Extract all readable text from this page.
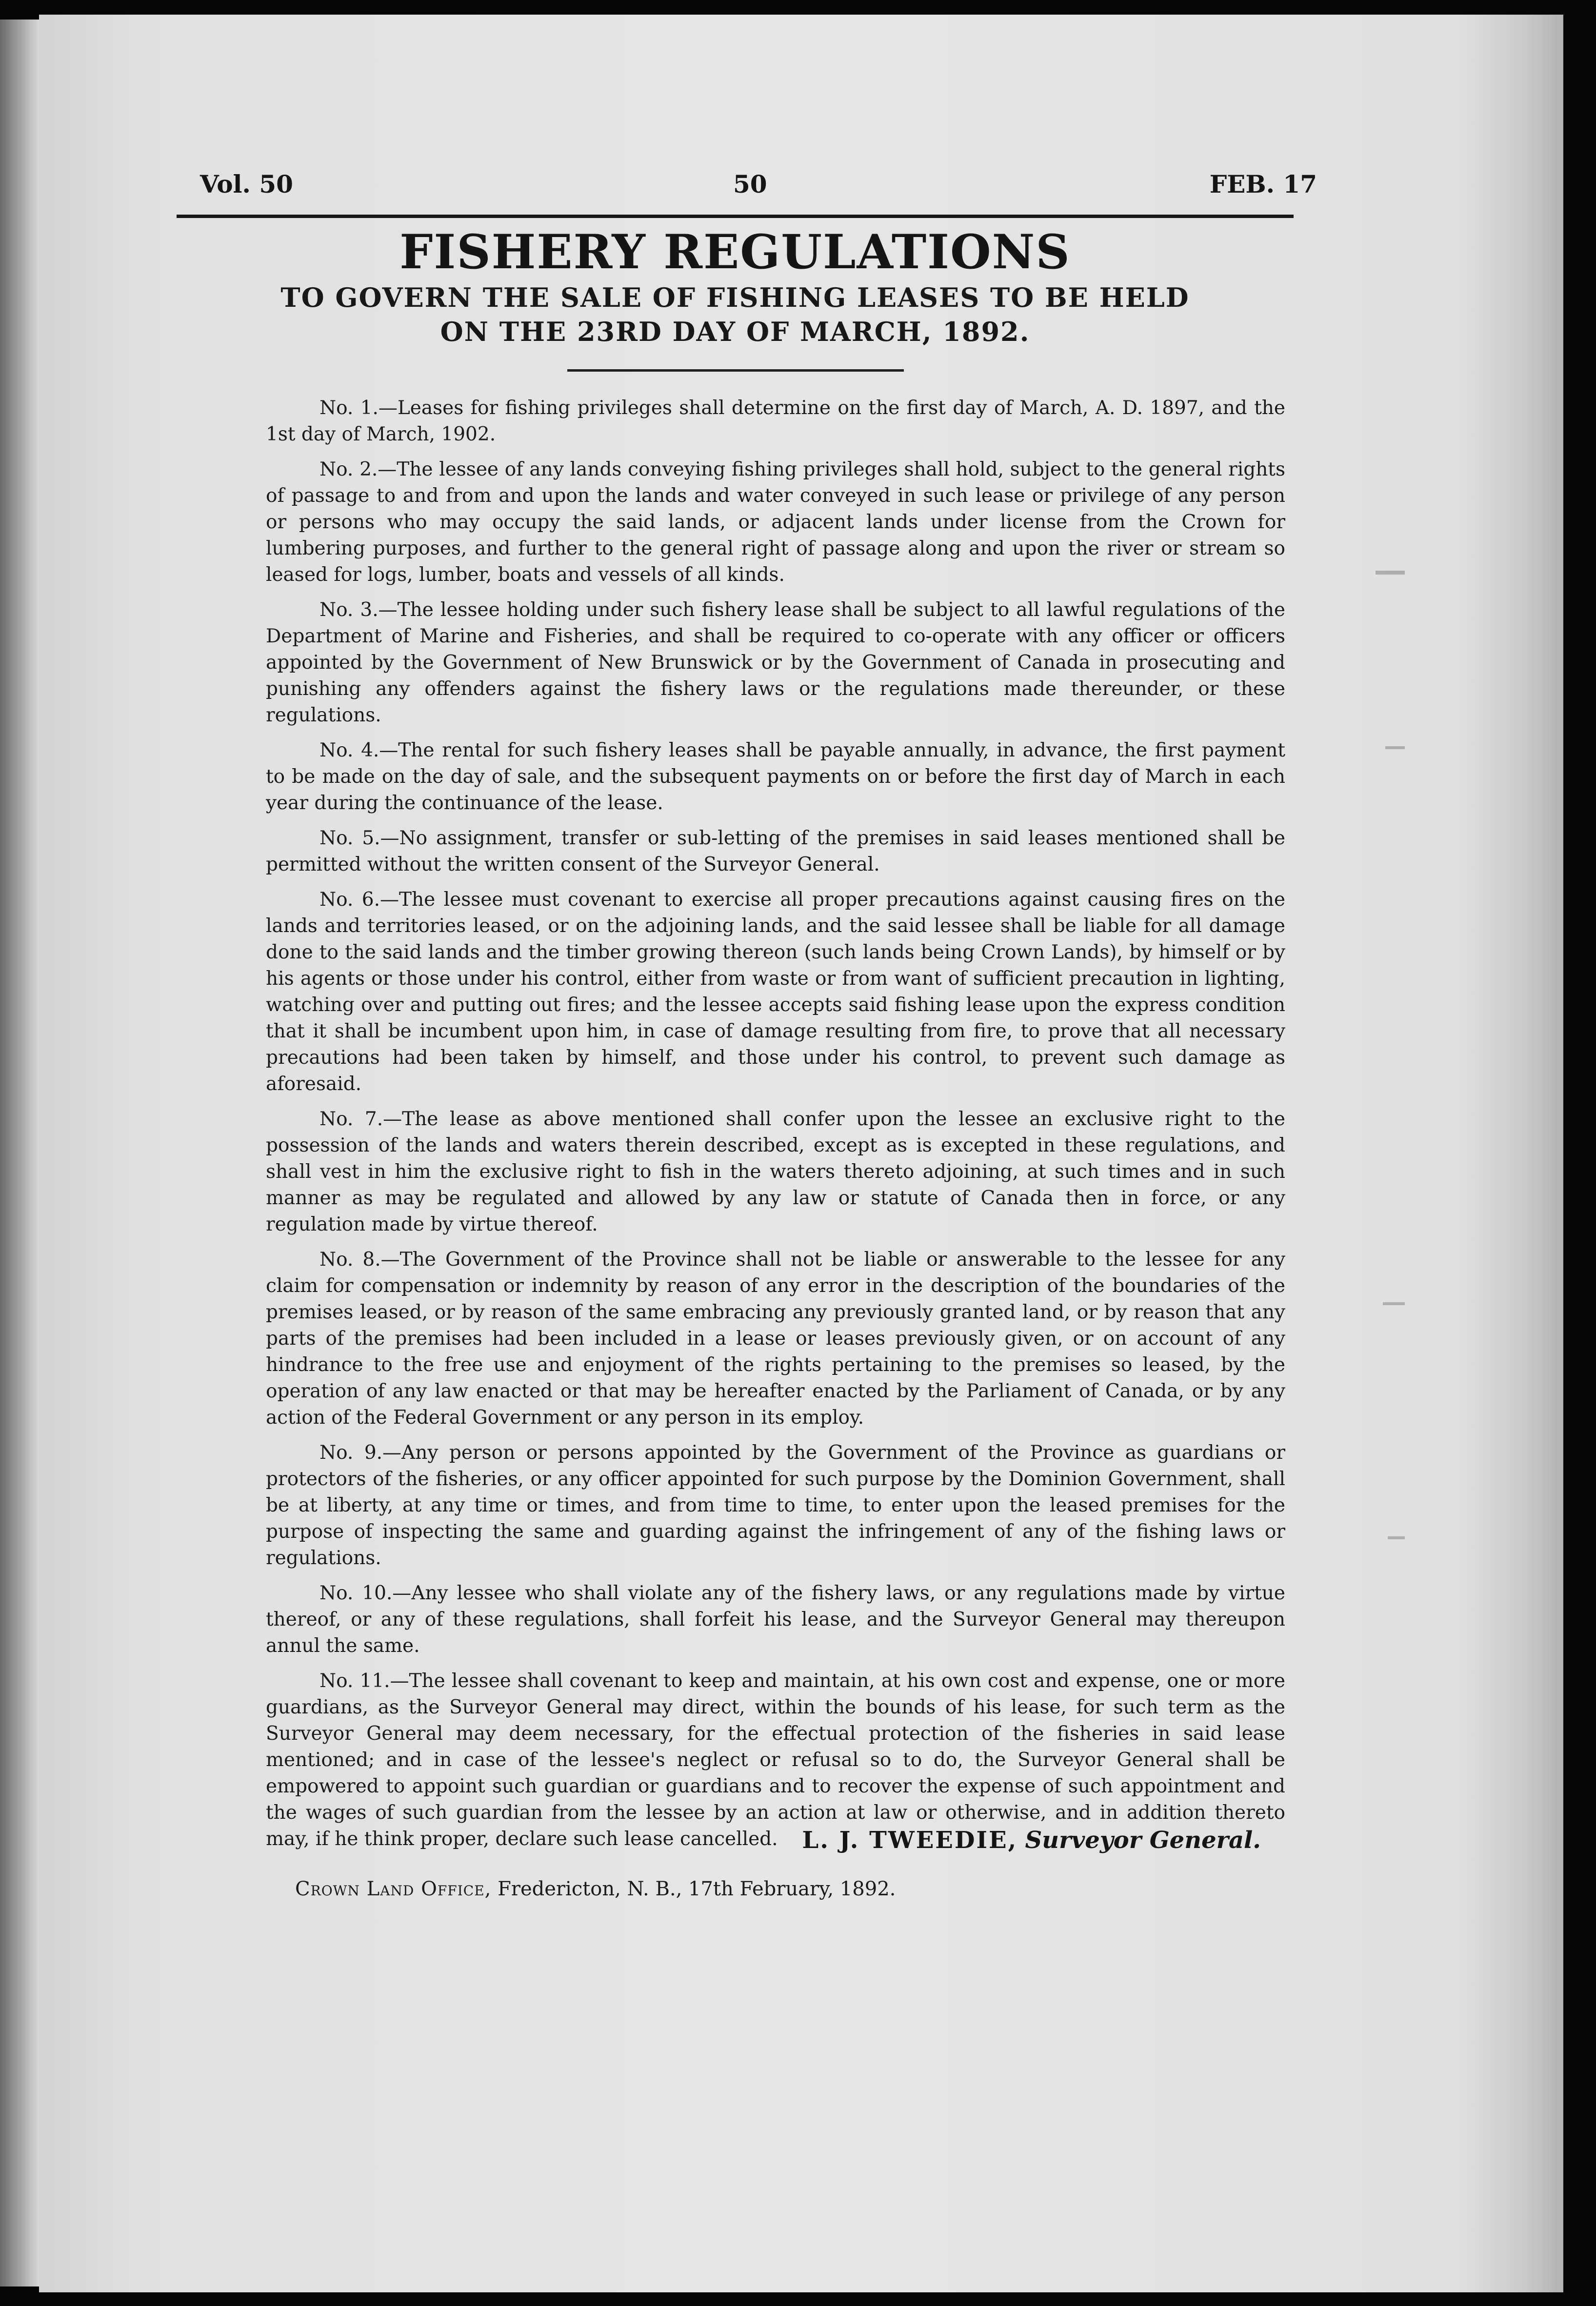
Vol. 50	50	FEB. 17
FISHERY REGULATIONS
TO GOVERN THE SALE OF FISHING LEASES TO BE HELD
ON THE 23RD DAY OF MARCH, 1892.

No. 1.—Leases for fishing privileges shall determine on the first day of March, A. D. 1897, and the 1st day of March, 1902.

No. 2.—The lessee of any lands conveying fishing privileges shall hold, subject to the general rights of passage to and from and upon the lands and water conveyed in such lease or privilege of any person or persons who may occupy the said lands, or adjacent lands under license from the Crown for lumbering purposes, and further to the general right of passage along and upon the river or stream so leased for logs, lumber, boats and vessels of all kinds.

No. 3.—The lessee holding under such fishery lease shall be subject to all lawful regulations of the Department of Marine and Fisheries, and shall be required to co-operate with any officer or officers appointed by the Government of New Brunswick or by the Government of Canada in prosecuting and punishing any offenders against the fishery laws or the regulations made thereunder, or these regulations.

No. 4.—The rental for such fishery leases shall be payable annually, in advance, the first payment to be made on the day of sale, and the subsequent payments on or before the first day of March in each year during the continuance of the lease.

No. 5.—No assignment, transfer or sub-letting of the premises in said leases mentioned shall be permitted without the written consent of the Surveyor General.

No. 6.—The lessee must covenant to exercise all proper precautions against causing fires on the lands and territories leased, or on the adjoining lands, and the said lessee shall be liable for all damage done to the said lands and the timber growing thereon (such lands being Crown Lands), by himself or by his agents or those under his control, either from waste or from want of sufficient precaution in lighting, watching over and putting out fires; and the lessee accepts said fishing lease upon the express condition that it shall be incumbent upon him, in case of damage resulting from fire, to prove that all necessary precautions had been taken by himself, and those under his control, to prevent such damage as aforesaid.

No. 7.—The lease as above mentioned shall confer upon the lessee an exclusive right to the possession of the lands and waters therein described, except as is excepted in these regulations, and shall vest in him the exclusive right to fish in the waters thereto adjoining, at such times and in such manner as may be regulated and allowed by any law or statute of Canada then in force, or any regulation made by virtue thereof.

No. 8.—The Government of the Province shall not be liable or answerable to the lessee for any claim for compensation or indemnity by reason of any error in the description of the boundaries of the premises leased, or by reason of the same embracing any previously granted land, or by reason that any parts of the premises had been included in a lease or leases previously given, or on account of any hindrance to the free use and enjoyment of the rights pertaining to the premises so leased, by the operation of any law enacted or that may be hereafter enacted by the Parliament of Canada, or by any action of the Federal Government or any person in its employ.

No. 9.—Any person or persons appointed by the Government of the Province as guardians or protectors of the fisheries, or any officer appointed for such purpose by the Dominion Government, shall be at liberty, at any time or times, and from time to time, to enter upon the leased premises for the purpose of inspecting the same and guarding against the infringement of any of the fishing laws or regulations.

No. 10.—Any lessee who shall violate any of the fishery laws, or any regulations made by virtue thereof, or any of these regulations, shall forfeit his lease, and the Surveyor General may thereupon annul the same.

No. 11.—The lessee shall covenant to keep and maintain, at his own cost and expense, one or more guardians, as the Surveyor General may direct, within the bounds of his lease, for such term as the Surveyor General may deem necessary, for the effectual protection of the fisheries in said lease mentioned; and in case of the lessee's neglect or refusal so to do, the Surveyor General shall be empowered to appoint such guardian or guardians and to recover the expense of such appointment and the wages of such guardian from the lessee by an action at law or otherwise, and in addition thereto may, if he think proper, declare such lease cancelled.	L. J. TWEEDIE, Surveyor General.
Crown Land Office, Fredericton, N. B., 17th February, 1892.
